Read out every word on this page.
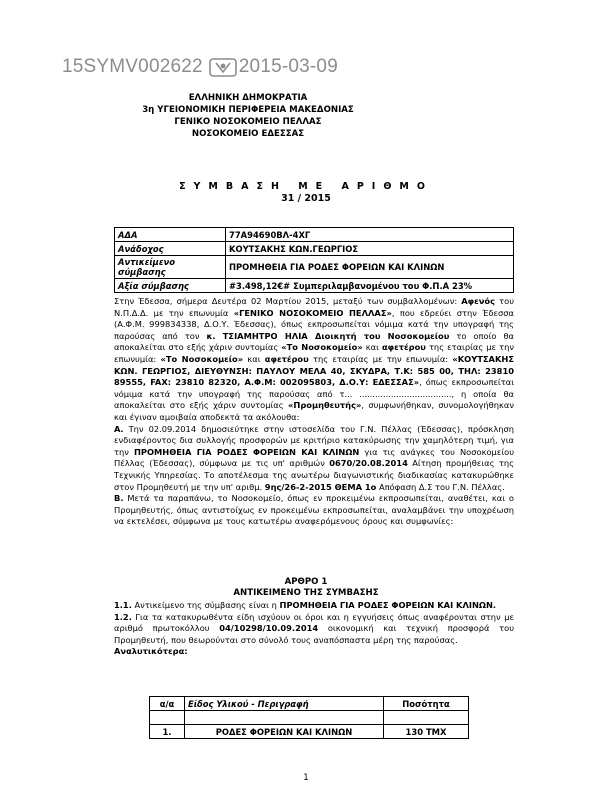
15SYMV002622 2015-03-09
ΕΛΛΗΝΙΚΗ ΔΗΜΟΚΡΑΤΙΑ
3η ΥΓΕΙΟΝΟΜΙΚΗ ΠΕΡΙΦΕΡΕΙΑ ΜΑΚΕΔΟΝΙΑΣ
ΓΕΝΙΚΟ ΝΟΣΟΚΟΜΕΙΟ ΠΕΛΛΑΣ
ΝΟΣΟΚΟΜΕΙΟ ΕΔΕΣΣΑΣ
ΣΥΜΒΑΣΗ ΜΕ ΑΡΙΘΜΟ
31 / 2015
ΑΔΑ	77Α94690ΒΛ-4ΧΓ
Ανάδοχος	ΚΟΥΤΣΑΚΗΣ ΚΩΝ.ΓΕΩΡΓΙΟΣ
Αντικείμενο σύμβασης	ΠΡΟΜΗΘΕΙΑ ΓΙΑ ΡΟΔΕΣ ΦΟΡΕΙΩΝ ΚΑΙ ΚΛΙΝΩΝ
Αξία σύμβασης	#3.498,12€# Συμπεριλαμβανομένου του Φ.Π.Α 23%
Στην Έδεσσα, σήμερα Δευτέρα 02 Μαρτίου 2015, μεταξύ των συμβαλλομένων: Αφενός του Ν.Π.Δ.Δ. με την επωνυμία «ΓΕΝΙΚΟ ΝΟΣΟΚΟΜΕΙΟ ΠΕΛΛΑΣ», που εδρεύει στην Έδεσσα (Α.Φ.Μ. 999834338, Δ.Ο.Υ. Έδεσσας), όπως εκπροσωπείται νόμιμα κατά την υπογραφή της παρούσας από τον κ. ΤΣΙΑΜΗΤΡΟ ΗΛΙΑ Διοικητή του Νοσοκομείου το οποίο θα αποκαλείται στο εξής χάριν συντομίας «Το Νοσοκομείο» και αφετέρου της εταιρίας με την επωνυμία: «Το Νοσοκομείο» και αφετέρου της εταιρίας με την επωνυμία: «ΚΟΥΤΣΑΚΗΣ ΚΩΝ. ΓΕΩΡΓΙΟΣ, ΔΙΕΥΘΥΝΣΗ: ΠΑΥΛΟΥ ΜΕΛΑ 40, ΣΚΥΔΡΑ, Τ.Κ: 585 00, ΤΗΛ: 23810 89555, FAX: 23810 82320, Α.Φ.Μ: 002095803, Δ.Ο.Υ: ΕΔΕΣΣΑΣ», όπως εκπροσωπείται νόμιμα κατά την υπογραφή της παρούσας από τ... ..................................., η οποία θα αποκαλείται στο εξής χάριν συντομίας «Προμηθευτής», συμφωνήθηκαν, συνομολογήθηκαν και έγιναν αμοιβαία αποδεκτά τα ακόλουθα:
Α. Την 02.09.2014 δημοσιεύτηκε στην ιστοσελίδα του Γ.Ν. Πέλλας (Έδεσσας), πρόσκληση ενδιαφέροντος δια συλλογής προσφορών με κριτήριο κατακύρωσης την χαμηλότερη τιμή, για την ΠΡΟΜΗΘΕΙΑ ΓΙΑ ΡΟΔΕΣ ΦΟΡΕΙΩΝ ΚΑΙ ΚΛΙΝΩΝ για τις ανάγκες του Νοσοκομείου Πέλλας (Έδεσσας), σύμφωνα με τις υπ' αριθμών 0670/20.08.2014 Αίτηση προμήθειας της Τεχνικής Υπηρεσίας. Το αποτέλεσμα της ανωτέρω διαγωνιστικής διαδικασίας κατακυρώθηκε στον Προμηθευτή με την υπ' αριθμ. 9ης/26-2-2015 ΘΕΜΑ 1ο Απόφαση Δ.Σ του Γ.Ν. Πέλλας.
Β. Μετά τα παραπάνω, το Νοσοκομείο, όπως εν προκειμένω εκπροσωπείται, αναθέτει, και ο Προμηθευτής, όπως αντιστοίχως εν προκειμένω εκπροσωπείται, αναλαμβάνει την υποχρέωση να εκτελέσει, σύμφωνα με τους κατωτέρω αναφερόμενους όρους και συμφωνίες:
ΑΡΘΡΟ 1
ΑΝΤΙΚΕΙΜΕΝΟ ΤΗΣ ΣΥΜΒΑΣΗΣ
1.1. Αντικείμενο της σύμβασης είναι η ΠΡΟΜΗΘΕΙΑ ΓΙΑ ΡΟΔΕΣ ΦΟΡΕΙΩΝ ΚΑΙ ΚΛΙΝΩΝ.
1.2. Για τα κατακυρωθέντα είδη ισχύουν οι όροι και η εγγυήσεις όπως αναφέρονται στην με αριθμό πρωτοκόλλου 04/10298/10.09.2014 οικονομική και τεχνική προσφορά του Προμηθευτή, που θεωρούνται στο σύνολό τους αναπόσπαστα μέρη της παρούσας.
Αναλυτικότερα:
α/α	Είδος Υλικού - Περιγραφή	Ποσότητα

1.	ΡΟΔΕΣ ΦΟΡΕΙΩΝ ΚΑΙ ΚΛΙΝΩΝ	130 ΤΜΧ
1
